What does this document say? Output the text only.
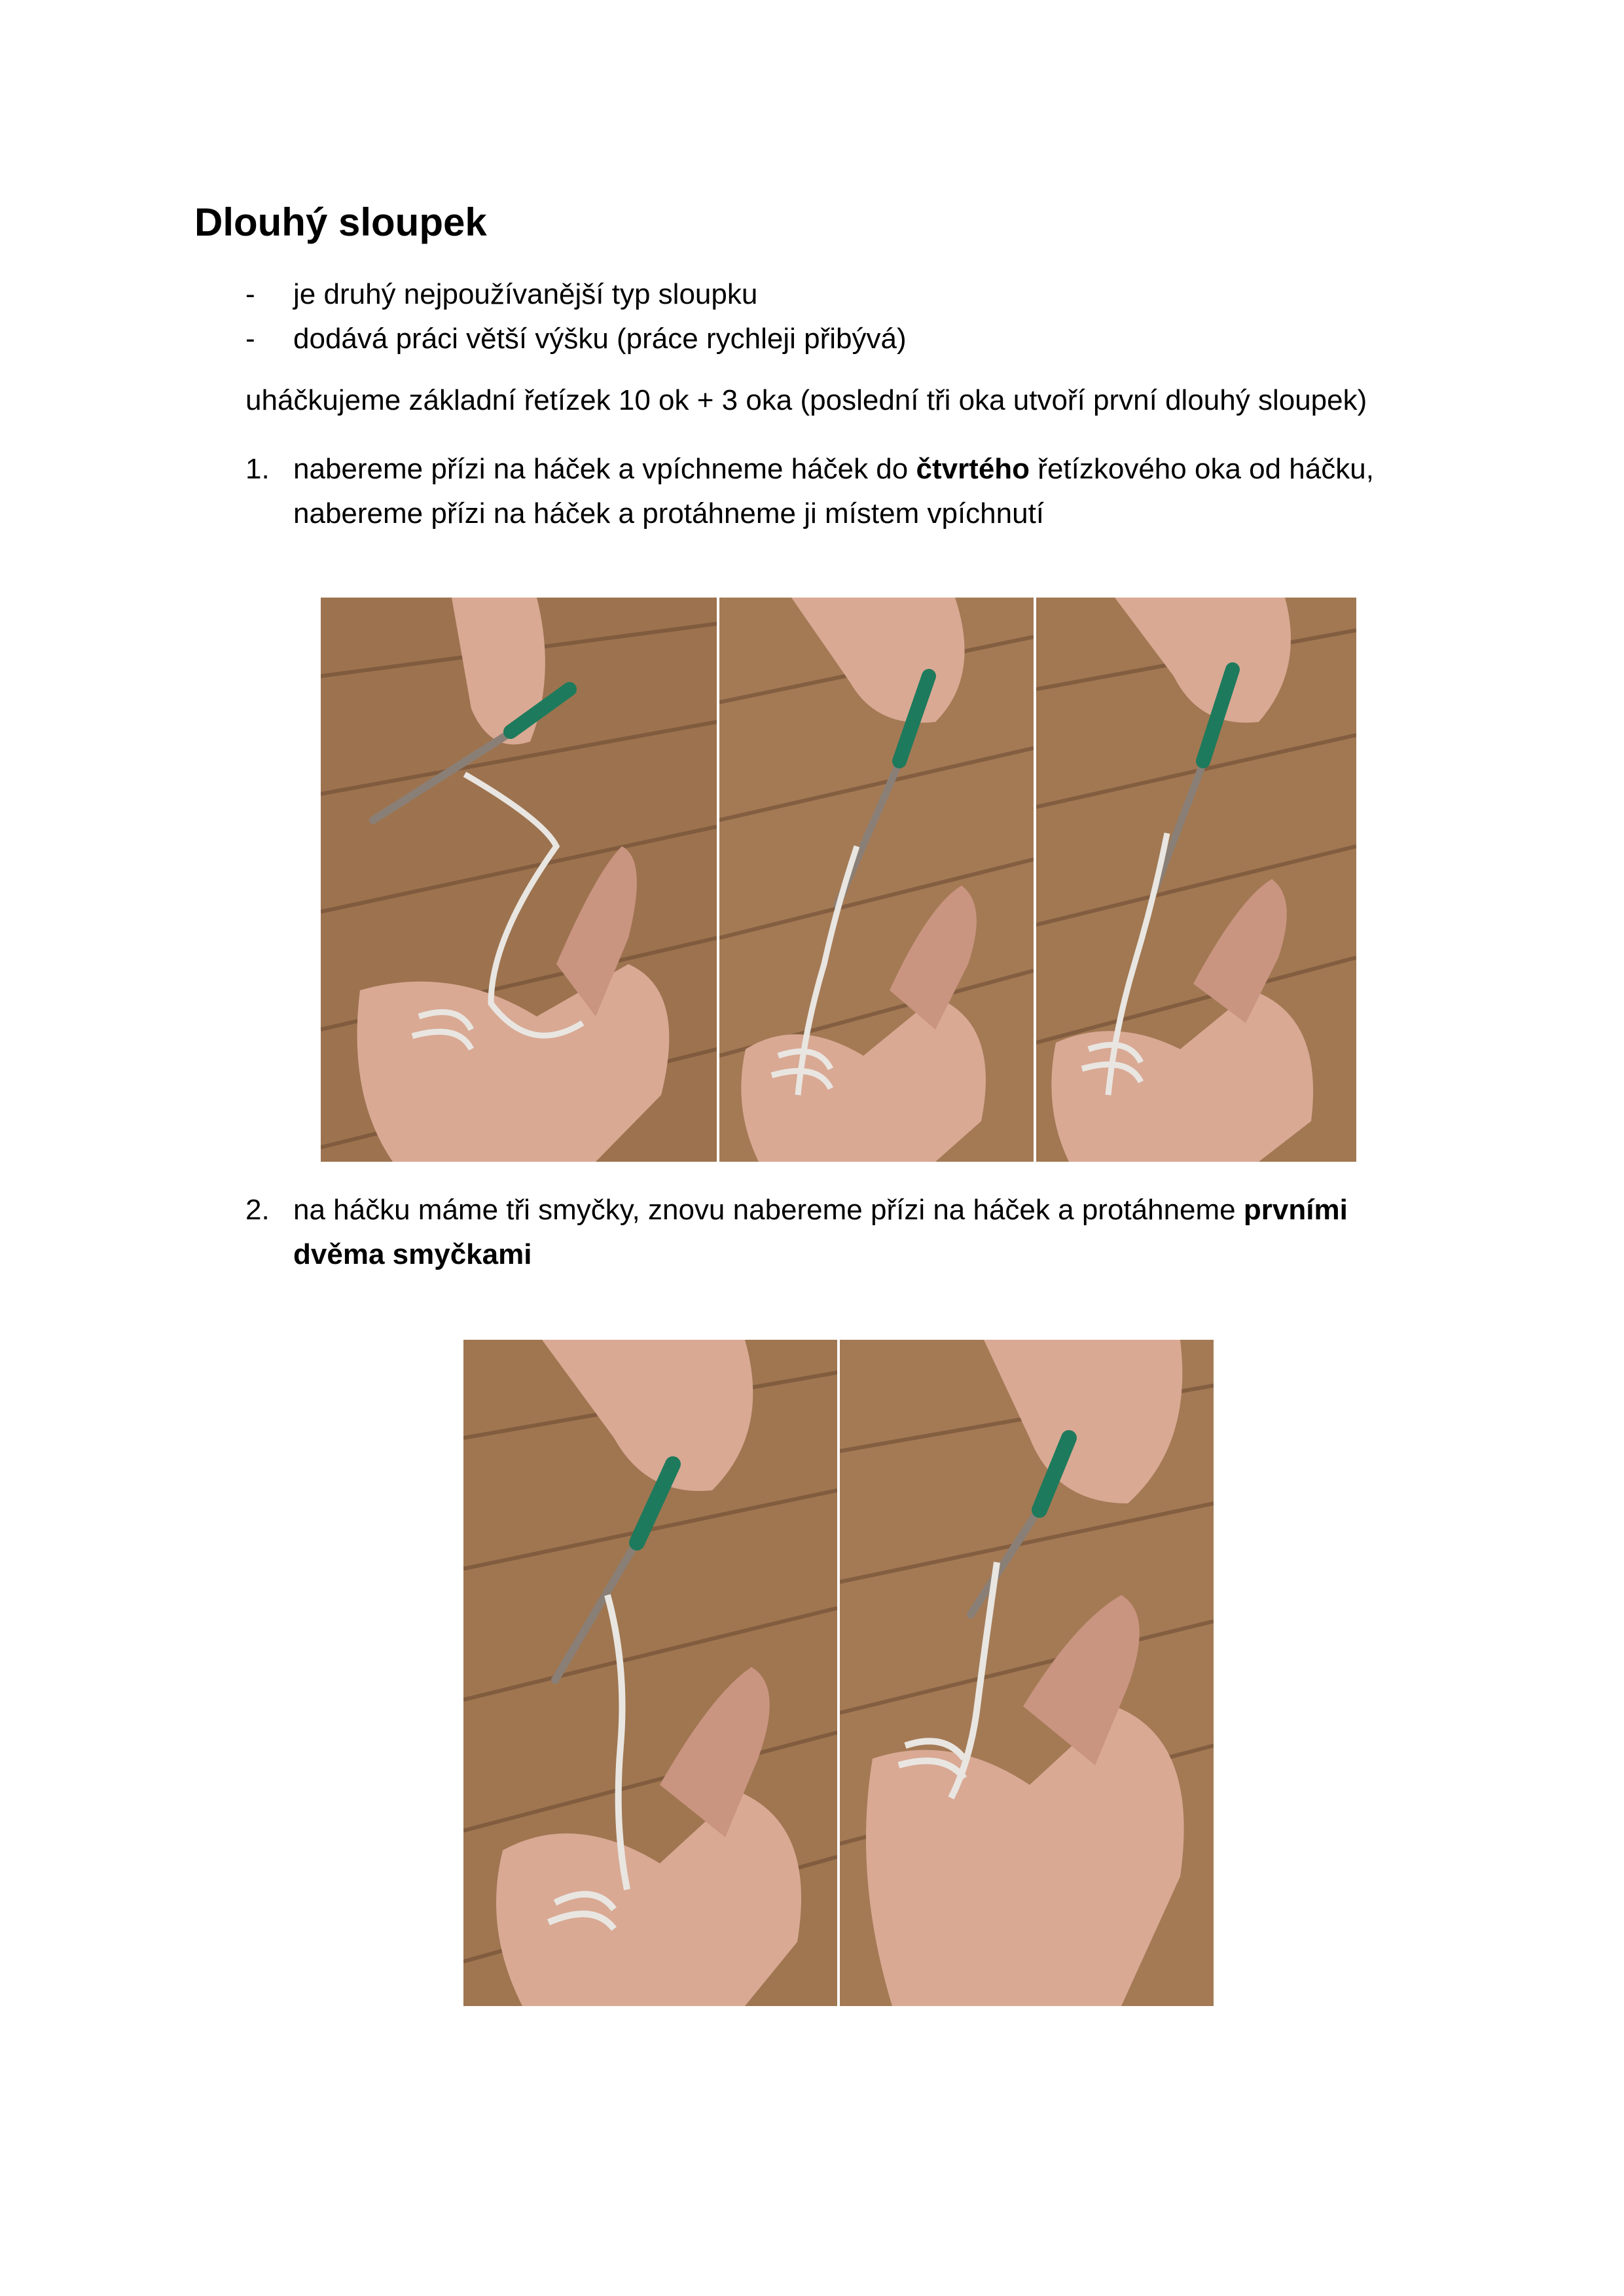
Dlouhý sloupek
-	je druhý nejpoužívanější typ sloupku
-	dodává práci větší výšku (práce rychleji přibývá)
uháčkujeme základní řetízek 10 ok + 3 oka (poslední tři oka utvoří první dlouhý sloupek)
1. nabereme přízi na háček a vpíchneme háček do čtvrtého řetízkového oka od háčku,
nabereme přízi na háček a protáhneme ji místem vpíchnutí
2. na háčku máme tři smyčky, znovu nabereme přízi na háček a protáhneme prvními
dvěma smyčkami
